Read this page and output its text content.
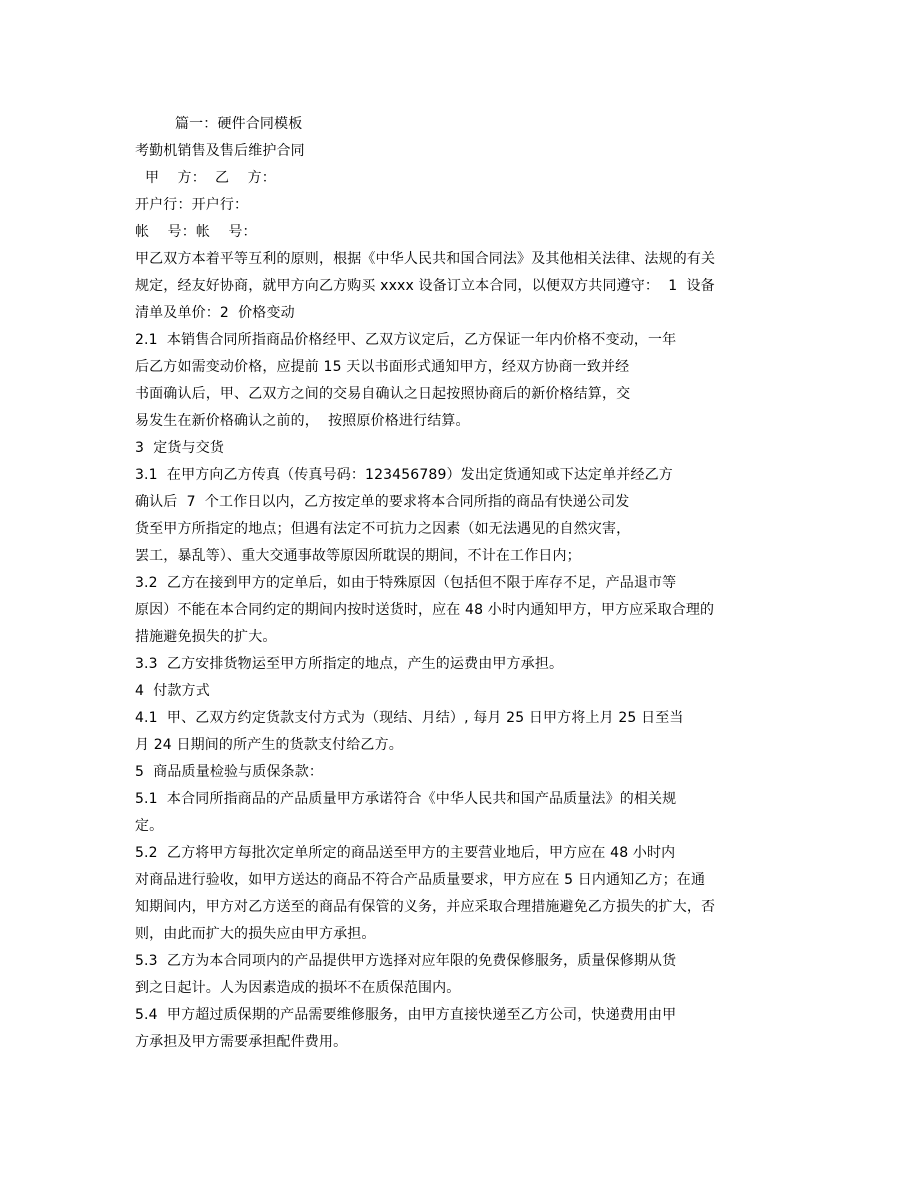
篇一：硬件合同模板
考勤机销售及售后维护合同
甲    方：  乙    方：
开户行：开户行：
帐    号：帐    号：
甲乙双方本着平等互利的原则，根据《中华人民共和国合同法》及其他相关法律、法规的有关
规定，经友好协商，就甲方向乙方购买 xxxx 设备订立本合同，以便双方共同遵守：  1  设备
清单及单价：2  价格变动
2.1  本销售合同所指商品价格经甲、乙双方议定后，乙方保证一年内价格不变动，一年
后乙方如需变动价格，应提前 15 天以书面形式通知甲方，经双方协商一致并经
书面确认后，甲、乙双方之间的交易自确认之日起按照协商后的新价格结算，交
易发生在新价格确认之前的，  按照原价格进行结算。
3  定货与交货
3.1  在甲方向乙方传真（传真号码：123456789）发出定货通知或下达定单并经乙方
确认后  7  个工作日以内，乙方按定单的要求将本合同所指的商品有快递公司发
货至甲方所指定的地点；但遇有法定不可抗力之因素（如无法遇见的自然灾害，
罢工，暴乱等）、重大交通事故等原因所耽误的期间，不计在工作日内；
3.2  乙方在接到甲方的定单后，如由于特殊原因（包括但不限于库存不足，产品退市等
原因）不能在本合同约定的期间内按时送货时，应在 48 小时内通知甲方，甲方应采取合理的
措施避免损失的扩大。
3.3  乙方安排货物运至甲方所指定的地点，产生的运费由甲方承担。
4  付款方式
4.1  甲、乙双方约定货款支付方式为（现结、月结）, 每月 25 日甲方将上月 25 日至当
月 24 日期间的所产生的货款支付给乙方。
5  商品质量检验与质保条款：
5.1  本合同所指商品的产品质量甲方承诺符合《中华人民共和国产品质量法》的相关规
定。
5.2  乙方将甲方每批次定单所定的商品送至甲方的主要营业地后，甲方应在 48 小时内
对商品进行验收，如甲方送达的商品不符合产品质量要求，甲方应在 5 日内通知乙方；在通
知期间内，甲方对乙方送至的商品有保管的义务，并应采取合理措施避免乙方损失的扩大，否
则，由此而扩大的损失应由甲方承担。
5.3  乙方为本合同项内的产品提供甲方选择对应年限的免费保修服务，质量保修期从货
到之日起计。人为因素造成的损坏不在质保范围内。
5.4  甲方超过质保期的产品需要维修服务，由甲方直接快递至乙方公司，快递费用由甲
方承担及甲方需要承担配件费用。
